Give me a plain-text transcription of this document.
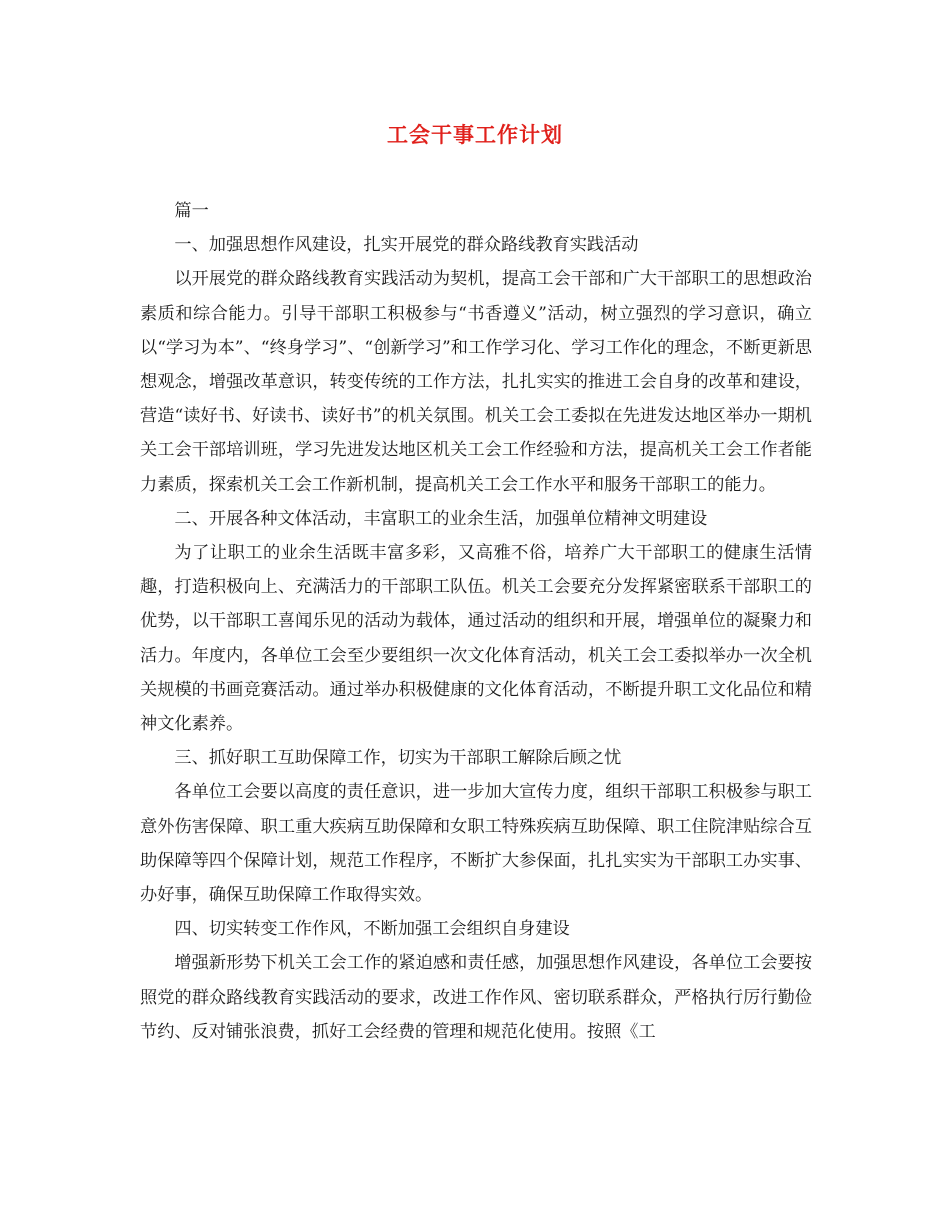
工会干事工作计划

篇一

一、加强思想作风建设，扎实开展党的群众路线教育实践活动

以开展党的群众路线教育实践活动为契机，提高工会干部和广大干部职工的思想政治素质和综合能力。引导干部职工积极参与“书香遵义”活动，树立强烈的学习意识，确立以“学习为本”、“终身学习”、“创新学习”和工作学习化、学习工作化的理念，不断更新思想观念，增强改革意识，转变传统的工作方法，扎扎实实的推进工会自身的改革和建设，营造“读好书、好读书、读好书”的机关氛围。机关工会工委拟在先进发达地区举办一期机关工会干部培训班，学习先进发达地区机关工会工作经验和方法，提高机关工会工作者能力素质，探索机关工会工作新机制，提高机关工会工作水平和服务干部职工的能力。

二、开展各种文体活动，丰富职工的业余生活，加强单位精神文明建设

为了让职工的业余生活既丰富多彩，又高雅不俗，培养广大干部职工的健康生活情趣，打造积极向上、充满活力的干部职工队伍。机关工会要充分发挥紧密联系干部职工的优势，以干部职工喜闻乐见的活动为载体，通过活动的组织和开展，增强单位的凝聚力和活力。年度内，各单位工会至少要组织一次文化体育活动，机关工会工委拟举办一次全机关规模的书画竞赛活动。通过举办积极健康的文化体育活动，不断提升职工文化品位和精神文化素养。

三、抓好职工互助保障工作，切实为干部职工解除后顾之忧

各单位工会要以高度的责任意识，进一步加大宣传力度，组织干部职工积极参与职工意外伤害保障、职工重大疾病互助保障和女职工特殊疾病互助保障、职工住院津贴综合互助保障等四个保障计划，规范工作程序，不断扩大参保面，扎扎实实为干部职工办实事、办好事，确保互助保障工作取得实效。

四、切实转变工作作风，不断加强工会组织自身建设

增强新形势下机关工会工作的紧迫感和责任感，加强思想作风建设，各单位工会要按照党的群众路线教育实践活动的要求，改进工作作风、密切联系群众，严格执行厉行勤俭节约、反对铺张浪费，抓好工会经费的管理和规范化使用。按照《工
